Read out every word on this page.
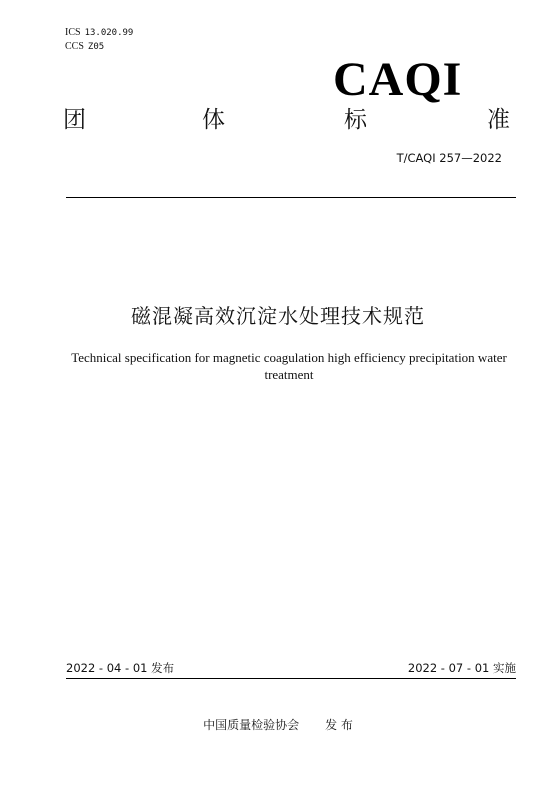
ICS 13.020.99
CCS Z05
CAQI
团	体	标	准
T/CAQI 257—2022
磁混凝高效沉淀水处理技术规范
Technical specification for magnetic coagulation high efficiency precipitation water treatment
2022 - 04 - 01 发布	2022 - 07 - 01 实施
中国质量检验协会 发 布
